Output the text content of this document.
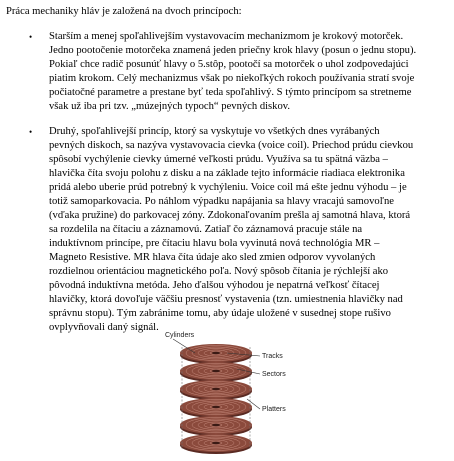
Práca mechaniky hláv je založená na dvoch princípoch:
• Starším a menej spoľahlivejším vystavovacím mechanizmom je krokový motorček.
Jedno pootočenie motorčeka znamená jeden priečny krok hlavy (posun o jednu stopu).
Pokiaľ chce radič posunúť hlavy o 5.stôp, pootočí sa motorček o uhol zodpovedajúci
piatim krokom. Celý mechanizmus však po niekoľkých rokoch používania stratí svoje
počiatočné parametre a prestane byť teda spoľahlivý. S týmto princípom sa stretneme
však už iba pri tzv. „múzejných typoch“ pevných diskov.
• Druhý, spoľahlivejší princíp, ktorý sa vyskytuje vo všetkých dnes vyrábaných
pevných diskoch, sa nazýva vystavovacia cievka (voice coil). Priechod prúdu cievkou
spôsobí vychýlenie cievky úmerné veľkosti prúdu. Využíva sa tu spätná väzba –
hlavička číta svoju polohu z disku a na základe tejto informácie riadiaca elektronika
pridá alebo uberie prúd potrebný k vychýleniu. Voice coil má ešte jednu výhodu – je
totiž samoparkovacia. Po náhlom výpadku napájania sa hlavy vracajú samovoľne
(vďaka pružine) do parkovacej zóny. Zdokonaľovaním prešla aj samotná hlava, ktorá
sa rozdelila na čítaciu a záznamovú. Zatiaľ čo záznamová pracuje stále na
induktívnom princípe, pre čítaciu hlavu bola vyvinutá nová technológia MR –
Magneto Resistive. MR hlava číta údaje ako sled zmien odporov vyvolaných
rozdielnou orientáciou magnetického poľa. Nový spôsob čítania je rýchlejší ako
pôvodná induktívna metóda. Jeho ďalšou výhodou je nepatrná veľkosť čítacej
hlavičky, ktorá dovoľuje väčšiu presnosť vystavenia (tzn. umiestnenia hlavičky nad
správnu stopu). Tým zabránime tomu, aby údaje uložené v susednej stope rušivo
ovplyvňovali daný signál.
Cylinders
Tracks
Sectors
Platters
